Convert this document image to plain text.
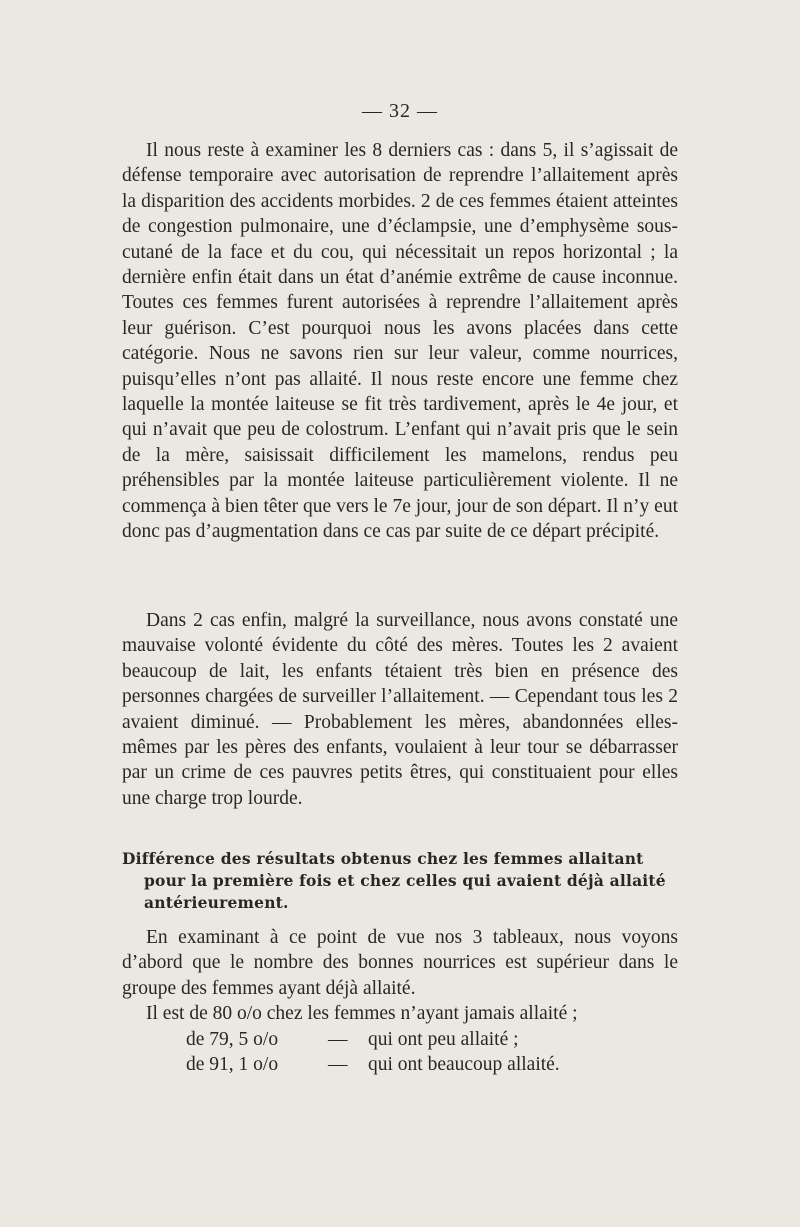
— 32 —

Il nous reste à examiner les 8 derniers cas : dans 5, il s’agissait de défense temporaire avec autorisation de reprendre l’allaitement après la disparition des accidents morbides. 2 de ces femmes étaient atteintes de congestion pulmonaire, une d’éclampsie, une d’emphysème sous-cutané de la face et du cou, qui nécessitait un repos horizontal ; la dernière enfin était dans un état d’anémie extrême de cause inconnue. Toutes ces femmes furent autorisées à reprendre l’allaitement après leur guérison. C’est pourquoi nous les avons placées dans cette catégorie. Nous ne savons rien sur leur valeur, comme nourrices, puisqu’elles n’ont pas allaité. Il nous reste encore une femme chez laquelle la montée laiteuse se fit très tardivement, après le 4e jour, et qui n’avait que peu de colostrum. L’enfant qui n’avait pris que le sein de la mère, saisissait difficilement les mamelons, rendus peu préhensibles par la montée laiteuse particulièrement violente. Il ne commença à bien têter que vers le 7e jour, jour de son départ. Il n’y eut donc pas d’augmentation dans ce cas par suite de ce départ précipité.

Dans 2 cas enfin, malgré la surveillance, nous avons constaté une mauvaise volonté évidente du côté des mères. Toutes les 2 avaient beaucoup de lait, les enfants tétaient très bien en présence des personnes chargées de surveiller l’allaitement. — Cependant tous les 2 avaient diminué. — Probablement les mères, abandonnées elles-mêmes par les pères des enfants, voulaient à leur tour se débarrasser par un crime de ces pauvres petits êtres, qui constituaient pour elles une charge trop lourde.

Différence des résultats obtenus chez les femmes allaitant pour la première fois et chez celles qui avaient déjà allaité antérieurement.

En examinant à ce point de vue nos 3 tableaux, nous voyons d’abord que le nombre des bonnes nourrices est supérieur dans le groupe des femmes ayant déjà allaité.

Il est de 80 o/o chez les femmes n’ayant jamais allaité ;

de 79, 5 o/o	—	qui ont peu allaité ;
de 91, 1 o/o	—	qui ont beaucoup allaité.
